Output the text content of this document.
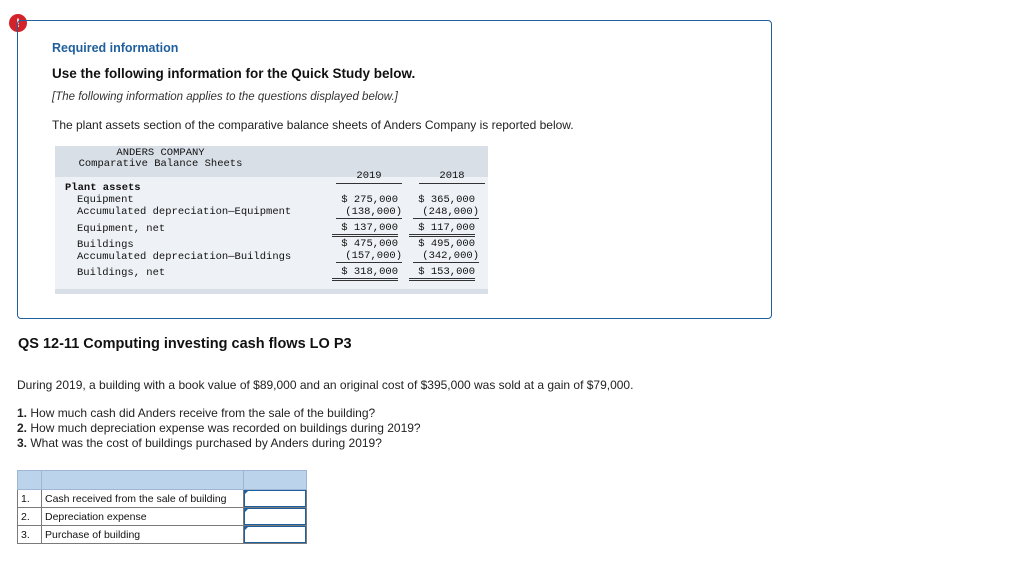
!
Required information
Use the following information for the Quick Study below.
[The following information applies to the questions displayed below.]
The plant assets section of the comparative balance sheets of Anders Company is reported below.
ANDERS COMPANY
Comparative Balance Sheets
2019	2018
Plant assets
Equipment	$ 275,000	$ 365,000
Accumulated depreciation—Equipment	(138,000)	(248,000)
Equipment, net	$ 137,000	$ 117,000
Buildings	$ 475,000	$ 495,000
Accumulated depreciation—Buildings	(157,000)	(342,000)
Buildings, net	$ 318,000	$ 153,000
QS 12-11 Computing investing cash flows LO P3
During 2019, a building with a book value of $89,000 and an original cost of $395,000 was sold at a gain of $79,000.
1. How much cash did Anders receive from the sale of the building?
2. How much depreciation expense was recorded on buildings during 2019?
3. What was the cost of buildings purchased by Anders during 2019?

1.	Cash received from the sale of building	

2.	Depreciation expense	

3.	Purchase of building	
